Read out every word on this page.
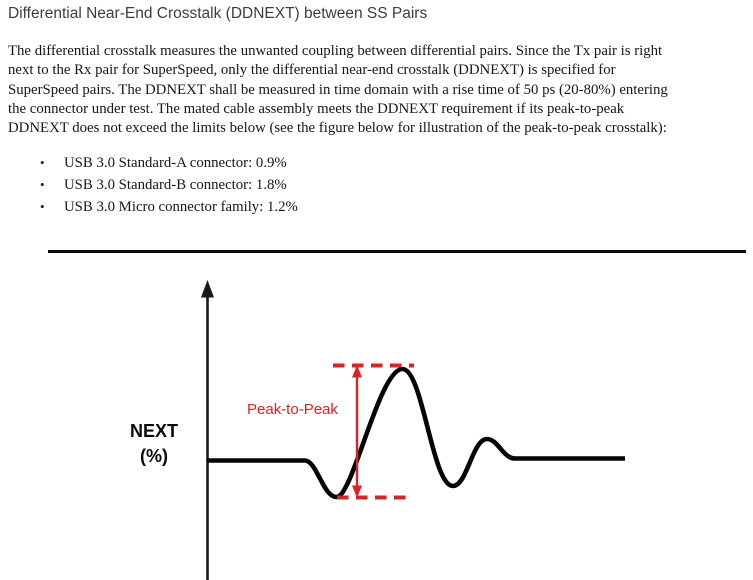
Differential Near-End Crosstalk (DDNEXT) between SS Pairs
The differential crosstalk measures the unwanted coupling between differential pairs. Since the Tx pair is right
next to the Rx pair for SuperSpeed, only the differential near-end crosstalk (DDNEXT) is specified for
SuperSpeed pairs. The DDNEXT shall be measured in time domain with a rise time of 50 ps (20-80%) entering
the connector under test. The mated cable assembly meets the DDNEXT requirement if its peak-to-peak
DDNEXT does not exceed the limits below (see the figure below for illustration of the peak-to-peak crosstalk):
• USB 3.0 Standard-A connector: 0.9%
• USB 3.0 Standard-B connector: 1.8%
• USB 3.0 Micro connector family: 1.2%
NEXT
(%)
Peak-to-Peak
